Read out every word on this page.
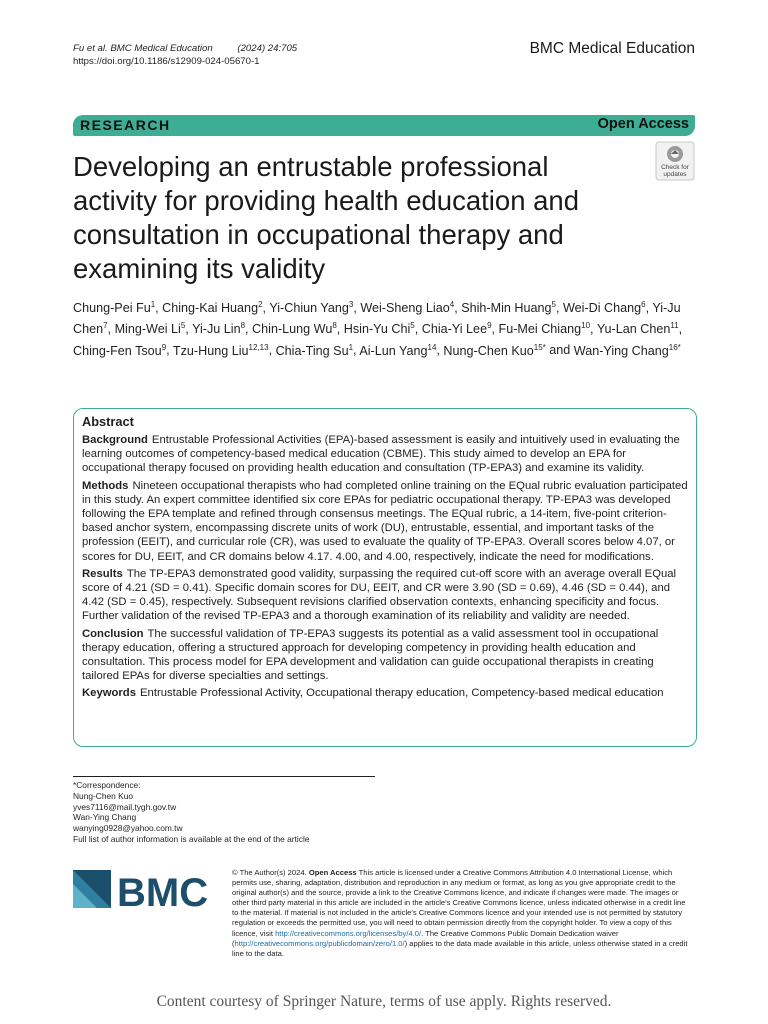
Fu et al. BMC Medical Education	(2024) 24:705
https://doi.org/10.1186/s12909-024-05670-1
BMC Medical Education
RESEARCH	Open Access
Developing an entrustable professional activity for providing health education and consultation in occupational therapy and examining its validity
Check for
updates
Chung-Pei Fu$^1$, Ching-Kai Huang$^2$, Yi-Chiun Yang$^3$, Wei-Sheng Liao$^4$, Shih-Min Huang$^5$, Wei-Di Chang$^6$, Yi-Ju Chen$^7$, Ming-Wei Li$^5$, Yi-Ju Lin$^8$, Chin-Lung Wu$^8$, Hsin-Yu Chi$^5$, Chia-Yi Lee$^9$, Fu-Mei Chiang$^{10}$, Yu-Lan Chen$^{11}$, Ching-Fen Tsou$^9$, Tzu-Hung Liu$^{12,13}$, Chia-Ting Su$^1$, Ai-Lun Yang$^{14}$, Nung-Chen Kuo$^{15*}$ and Wan-Ying Chang$^{16*}$
Abstract

Background Entrustable Professional Activities (EPA)-based assessment is easily and intuitively used in evaluating the learning outcomes of competency-based medical education (CBME). This study aimed to develop an EPA for occupational therapy focused on providing health education and consultation (TP-EPA3) and examine its validity.

Methods Nineteen occupational therapists who had completed online training on the EQual rubric evaluation participated in this study. An expert committee identified six core EPAs for pediatric occupational therapy. TP-EPA3 was developed following the EPA template and refined through consensus meetings. The EQual rubric, a 14-item, five-point criterion-based anchor system, encompassing discrete units of work (DU), entrustable, essential, and important tasks of the profession (EEIT), and curricular role (CR), was used to evaluate the quality of TP-EPA3. Overall scores below 4.07, or scores for DU, EEIT, and CR domains below 4.17. 4.00, and 4.00, respectively, indicate the need for modifications.

Results The TP-EPA3 demonstrated good validity, surpassing the required cut-off score with an average overall EQual score of 4.21 (SD = 0.41). Specific domain scores for DU, EEIT, and CR were 3.90 (SD = 0.69), 4.46 (SD = 0.44), and 4.42 (SD = 0.45), respectively. Subsequent revisions clarified observation contexts, enhancing specificity and focus. Further validation of the revised TP-EPA3 and a thorough examination of its reliability and validity are needed.

Conclusion The successful validation of TP-EPA3 suggests its potential as a valid assessment tool in occupational therapy education, offering a structured approach for developing competency in providing health education and consultation. This process model for EPA development and validation can guide occupational therapists in creating tailored EPAs for diverse specialties and settings.

Keywords Entrustable Professional Activity, Occupational therapy education, Competency-based medical education

*Correspondence:
Nung-Chen Kuo
yves7116@mail.tygh.gov.tw
Wan-Ying Chang
wanying0928@yahoo.com.tw
Full list of author information is available at the end of the article
BMC	© The Author(s) 2024. Open Access This article is licensed under a Creative Commons Attribution 4.0 International License, which permits use, sharing, adaptation, distribution and reproduction in any medium or format, as long as you give appropriate credit to the original author(s) and the source, provide a link to the Creative Commons licence, and indicate if changes were made. The images or other third party material in this article are included in the article's Creative Commons licence, unless indicated otherwise in a credit line to the material. If material is not included in the article's Creative Commons licence and your intended use is not permitted by statutory regulation or exceeds the permitted use, you will need to obtain permission directly from the copyright holder. To view a copy of this licence, visit http://creativecommons.org/licenses/by/4.0/. The Creative Commons Public Domain Dedication waiver (http://creativecommons.org/publicdomain/zero/1.0/) applies to the data made available in this article, unless otherwise stated in a credit line to the data.
Content courtesy of Springer Nature, terms of use apply. Rights reserved.
